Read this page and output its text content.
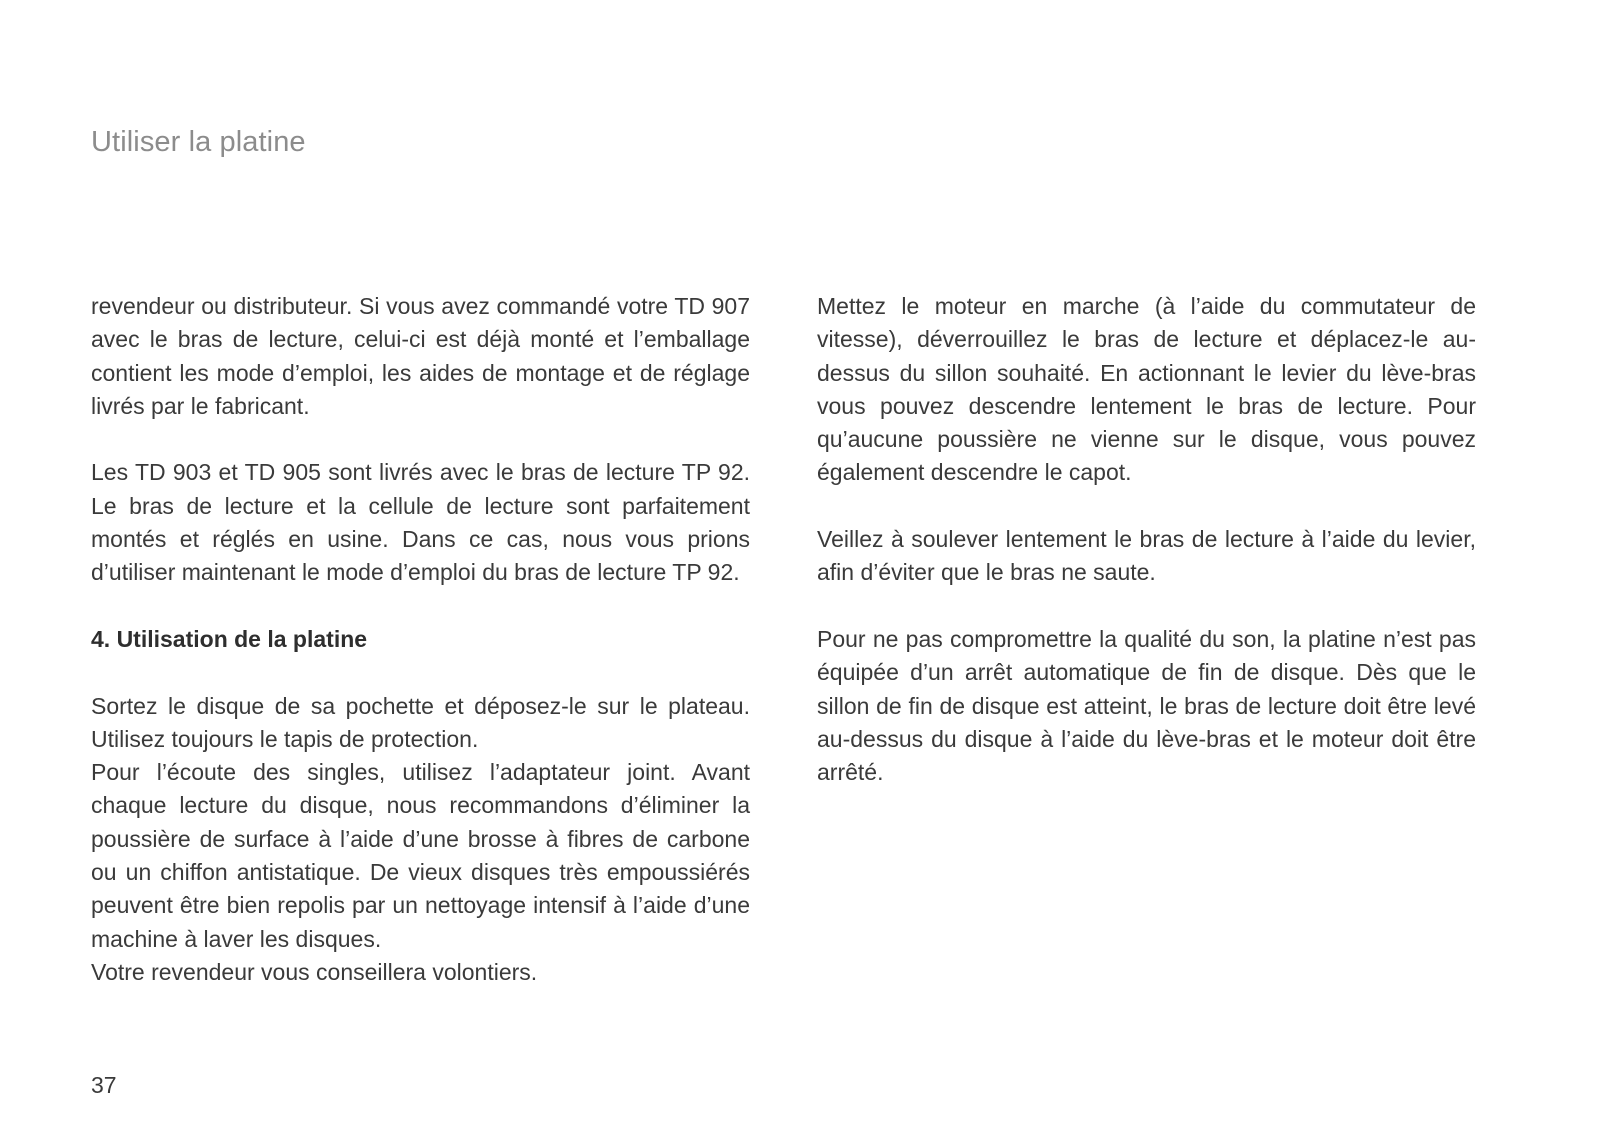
Utiliser la platine

revendeur ou distributeur. Si vous avez commandé votre TD 907 avec le bras de lecture, celui-ci est déjà monté et l’emballage contient les mode d’emploi, les aides de montage et de réglage livrés par le fabricant.

Les TD 903 et TD 905 sont livrés avec le bras de lecture TP 92. Le bras de lecture et la cellule de lecture sont parfaitement montés et réglés en usine. Dans ce cas, nous vous prions d’utiliser maintenant le mode d’emploi du bras de lecture TP 92.

4. Utilisation de la platine

Sortez le disque de sa pochette et déposez-le sur le plateau. Utilisez toujours le tapis de protection.

Pour l’écoute des singles, utilisez l’adaptateur joint. Avant chaque lecture du disque, nous recommandons d’éliminer la poussière de surface à l’aide d’une brosse à fibres de carbone ou un chiffon antistatique. De vieux disques très empoussiérés peuvent être bien repolis par un nettoyage intensif à l’aide d’une machine à laver les disques.

Votre revendeur vous conseillera volontiers.

Mettez le moteur en marche (à l’aide du commutateur de vitesse), déverrouillez le bras de lecture et déplacez-le au-dessus du sillon souhaité. En actionnant le levier du lève-bras vous pouvez descendre lentement le bras de lecture. Pour qu’aucune poussière ne vienne sur le disque, vous pouvez également descendre le capot.

Veillez à soulever lentement le bras de lecture à l’aide du levier, afin d’éviter que le bras ne saute.

Pour ne pas compromettre la qualité du son, la platine n’est pas équipée d’un arrêt automatique de fin de disque. Dès que le sillon de fin de disque est atteint, le bras de lecture doit être levé au-dessus du disque à l’aide du lève-bras et le moteur doit être arrêté.

37
